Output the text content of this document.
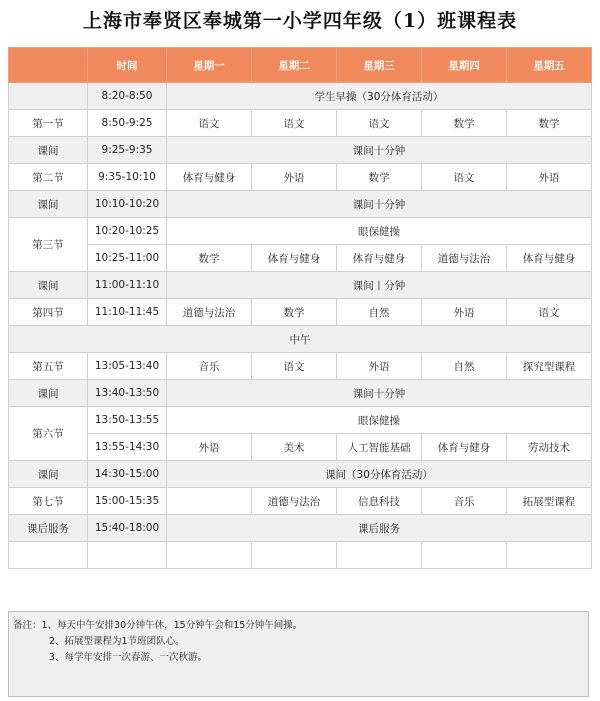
上海市奉贤区奉城第一小学四年级（1）班课程表
	时间	星期一	星期二	星期三	星期四	星期五
	8:20-8:50	学生早操（30分体育活动）				
第一节	8:50-9:25	语文	语文	语文	数学	数学
课间	9:25-9:35	课间十分钟				
第二节	9:35-10:10	体育与健身	外语	数学	语文	外语
课间	10:10-10:20	课间十分钟				
第三节	10:20-10:25	眼保健操				
	10:25-11:00	数学	体育与健身	体育与健身	道德与法治	体育与健身
课间	11:00-11:10	课间丨分钟				
第四节	11:10-11:45	道德与法治	数学	自然	外语	语文
中午						
第五节	13:05-13:40	音乐	语文	外语	自然	探究型课程
课间	13:40-13:50	课间十分钟				
第六节	13:50-13:55	眼保健操				
	13:55-14:30	外语	美术	人工智能基础	体育与健身	劳动技术
课间	14:30-15:00	课间（30分体育活动）				
第七节	15:00-15:35		道德与法治	信息科技	音乐	拓展型课程
课后服务	15:40-18:00	课后服务				

备注：1、每天中午安排30分钟午休，15分钟午会和15分钟午间操。
2、拓展型课程为1节班团队心。
3、每学年安排一次春游、一次秋游。
